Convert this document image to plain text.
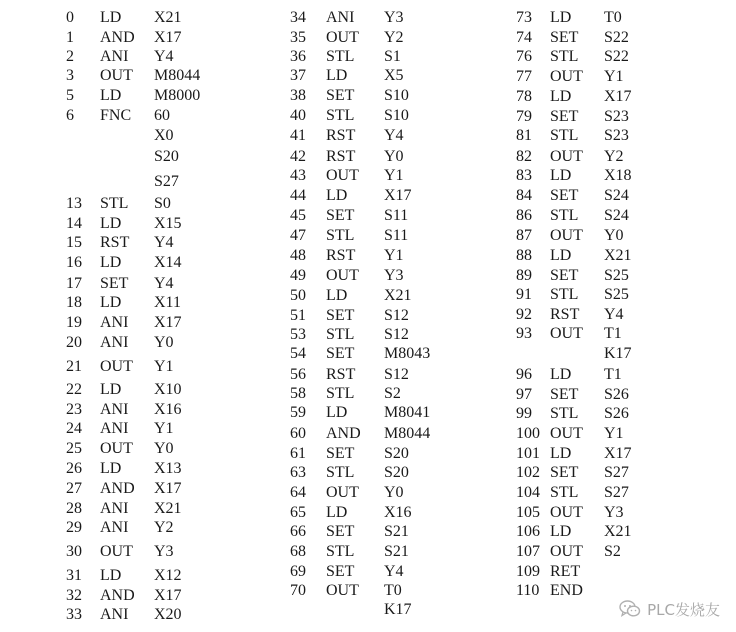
0 LD X21
1 AND X17
2 ANI Y4
3 OUT M8044
5 LD M8000
6 FNC 60
X0
S20
S27
13 STL S0
14 LD X15
15 RST Y4
16 LD X14
17 SET Y4
18 LD X11
19 ANI X17
20 ANI Y0
21 OUT Y1
22 LD X10
23 ANI X16
24 ANI Y1
25 OUT Y0
26 LD X13
27 AND X17
28 ANI X21
29 ANI Y2
30 OUT Y3
31 LD X12
32 AND X17
33 ANI X20
34 ANI Y3
35 OUT Y2
36 STL S1
37 LD X5
38 SET S10
40 STL S10
41 RST Y4
42 RST Y0
43 OUT Y1
44 LD X17
45 SET S11
47 STL S11
48 RST Y1
49 OUT Y3
50 LD X21
51 SET S12
53 STL S12
54 SET M8043
56 RST S12
58 STL S2
59 LD M8041
60 AND M8044
61 SET S20
63 STL S20
64 OUT Y0
65 LD X16
66 SET S21
68 STL S21
69 SET Y4
70 OUT T0
K17
73 LD T0
74 SET S22
76 STL S22
77 OUT Y1
78 LD X17
79 SET S23
81 STL S23
82 OUT Y2
83 LD X18
84 SET S24
86 STL S24
87 OUT Y0
88 LD X21
89 SET S25
91 STL S25
92 RST Y4
93 OUT T1
K17
96 LD T1
97 SET S26
99 STL S26
100 OUT Y1
101 LD X17
102 SET S27
104 STL S27
105 OUT Y3
106 LD X21
107 OUT S2
109 RET
110 END
PLC发烧友
